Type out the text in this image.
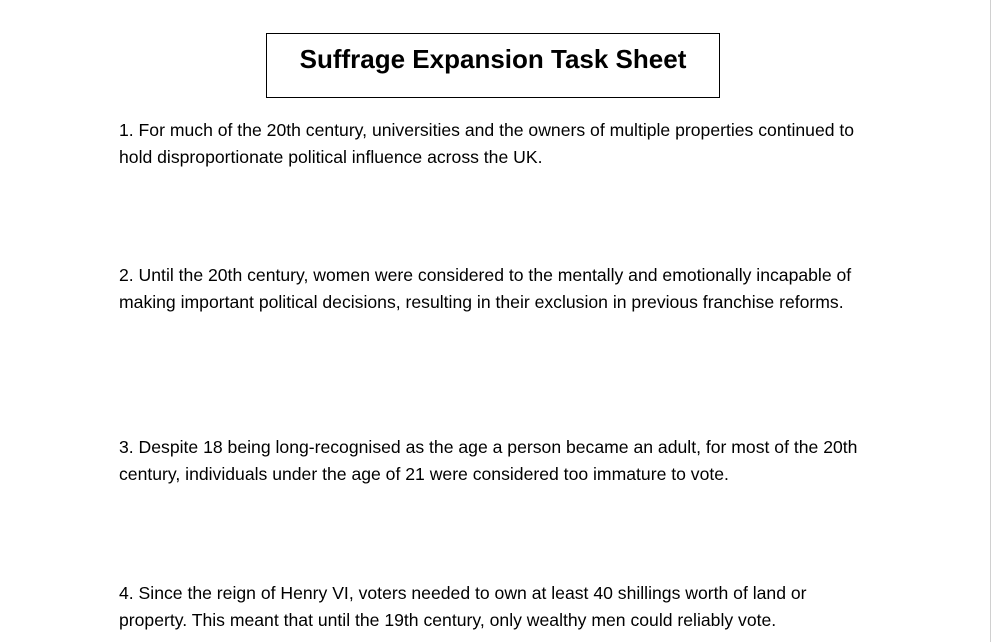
Suffrage Expansion Task Sheet

1. For much of the 20th century, universities and the owners of multiple properties continued to hold disproportionate political influence across the UK.

2. Until the 20th century, women were considered to the mentally and emotionally incapable of making important political decisions, resulting in their exclusion in previous franchise reforms.

3. Despite 18 being long-recognised as the age a person became an adult, for most of the 20th century, individuals under the age of 21 were considered too immature to vote.

4. Since the reign of Henry VI, voters needed to own at least 40 shillings worth of land or property. This meant that until the 19th century, only wealthy men could reliably vote.
